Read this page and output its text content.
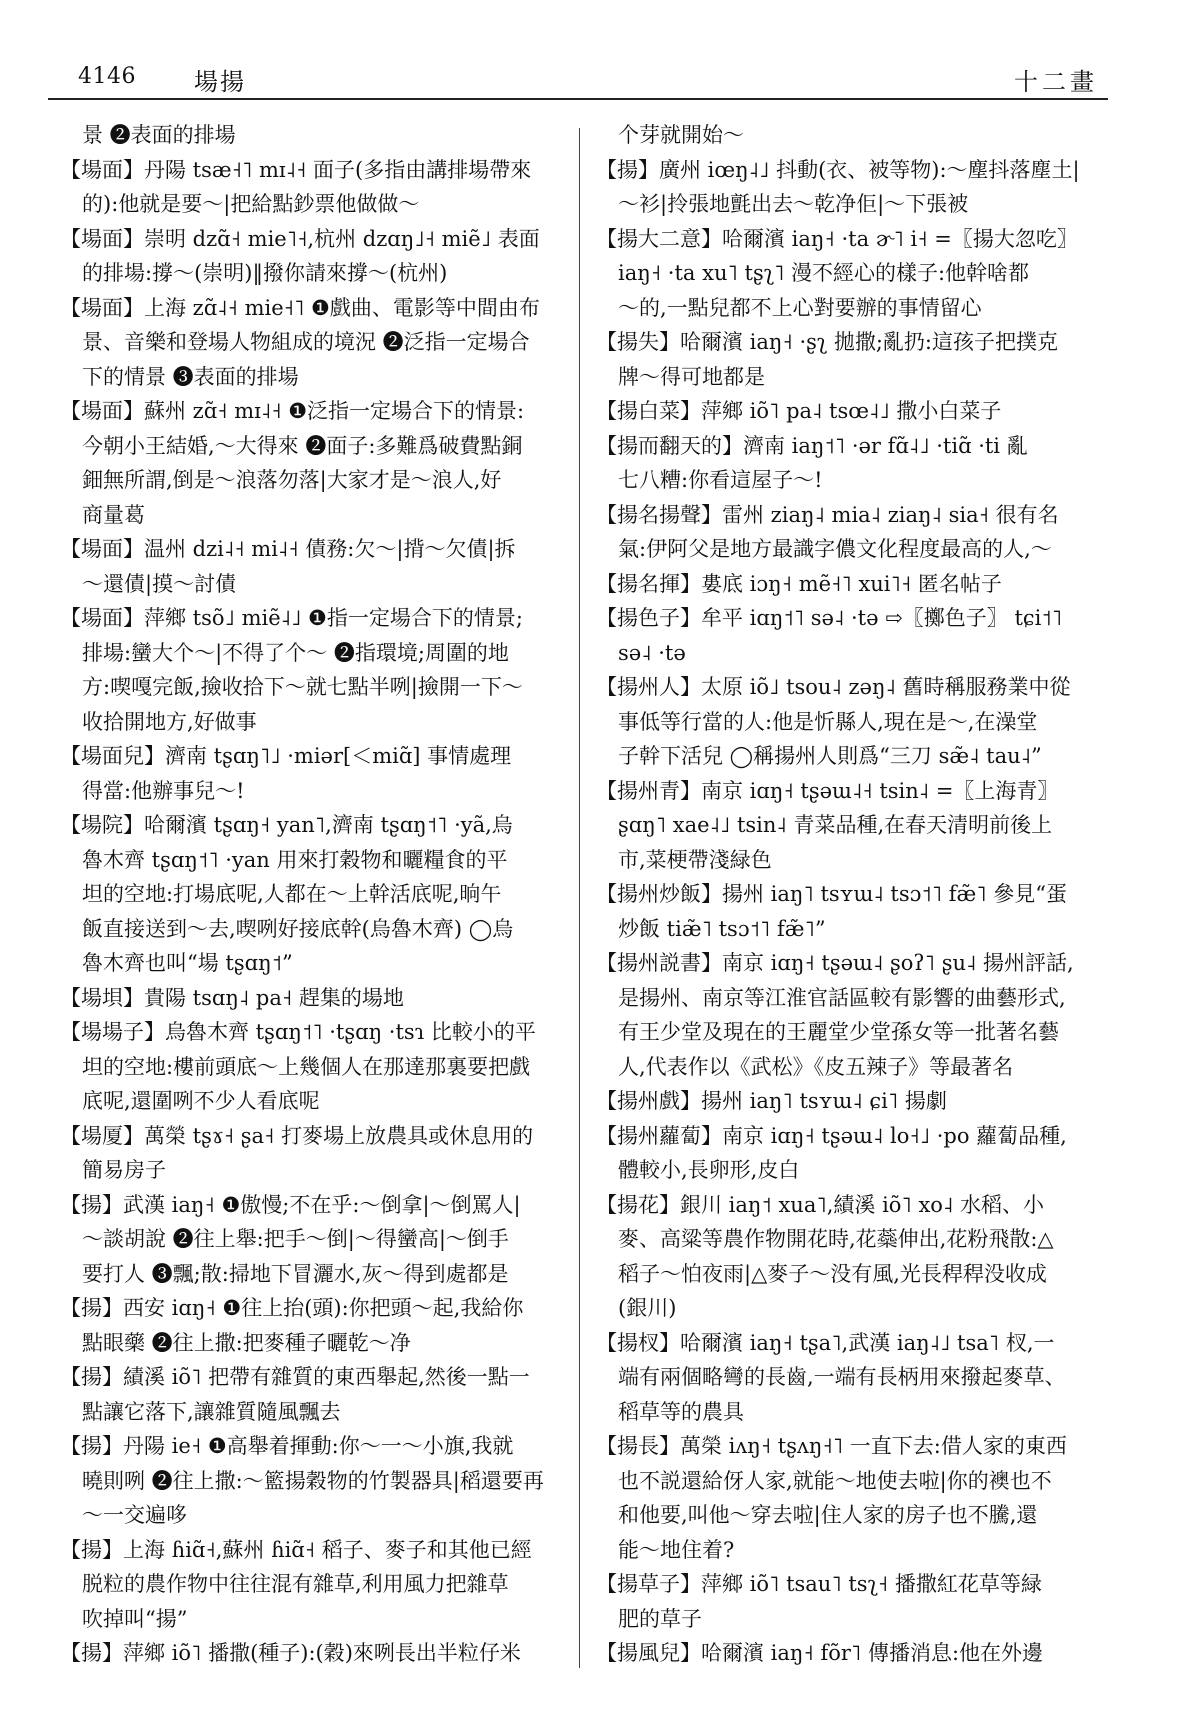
4146 場揚	十二畫
景 ❷表面的排場
【場面】丹陽 tsæ˧˥ mɪ˨˧ 面子(多指由講排場帶來
的):他就是要～|把給點鈔票他做做～
【場面】崇明 dzɑ̃˧ mie˥˧,杭州 dzɑŋ˩˧ miẽ˩ 表面
的排場:撐～(崇明)‖撥你請來撐～(杭州)
【場面】上海 zɑ̃˨˧ mie˧˥ ❶戲曲、電影等中間由布
景、音樂和登場人物組成的境況 ❷泛指一定場合
下的情景 ❸表面的排場
【場面】蘇州 zɑ̃˧ mɪ˨˧ ❶泛指一定場合下的情景:
今朝小王結婚,～大得來 ❷面子:多難爲破費點銅
鈿無所謂,倒是～浪落勿落|大家才是～浪人,好
商量葛
【場面】温州 dzi˨˧ mi˨˧ 債務:欠～|揹～欠債|拆
～還債|摸～討債
【場面】萍鄉 tsõ˩ miẽ˨˩ ❶指一定場合下的情景;
排場:蠻大个～|不得了个～ ❷指環境;周圍的地
方:喫嘎完飯,撿收拾下～就七點半咧|撿開一下～
收拾開地方,好做事
【場面兒】濟南 tʂɑŋ˥˩ ·miər[＜miɑ̃] 事情處理
得當:他辦事兒～!
【場院】哈爾濱 tʂɑŋ˧ yan˥,濟南 tʂɑŋ˦˥ ·yã,烏
魯木齊 tʂɑŋ˦˥ ·yan 用來打穀物和曬糧食的平
坦的空地:打場底呢,人都在～上幹活底呢,晌午
飯直接送到～去,喫咧好接底幹(烏魯木齊) ◯烏
魯木齊也叫“場 tʂɑŋ˦”
【場垻】貴陽 tsɑŋ˨ pa˧ 趕集的場地
【場場子】烏魯木齊 tʂɑŋ˦˥ ·tʂɑŋ ·tsɿ 比較小的平
坦的空地:樓前頭底～上幾個人在那達那裏要把戲
底呢,還圍咧不少人看底呢
【場厦】萬榮 tʂɤ˧ ʂa˧ 打麥場上放農具或休息用的
簡易房子
【揚】武漢 iaŋ˧ ❶傲慢;不在乎:～倒拿|～倒罵人|
～談胡說 ❷往上舉:把手～倒|～得蠻高|～倒手
要打人 ❸飄;散:掃地下冒灑水,灰～得到處都是
【揚】西安 iɑŋ˧ ❶往上抬(頭):你把頭～起,我給你
點眼藥 ❷往上撒:把麥種子曬乾～净
【揚】績溪 iõ˥ 把帶有雜質的東西舉起,然後一點一
點讓它落下,讓雜質隨風飄去
【揚】丹陽 ie˧ ❶高舉着揮動:你～一～小旗,我就
曉則咧 ❷往上撒:～籃揚穀物的竹製器具|稻還要再
～一交遍哆
【揚】上海 ɦiɑ̃˧,蘇州 ɦiɑ̃˧ 稻子、麥子和其他已經
脱粒的農作物中往往混有雜草,利用風力把雜草
吹掉叫“揚”
【揚】萍鄉 iõ˥ 播撒(種子):(穀)來咧長出半粒仔米
个芽就開始～
【揚】廣州 iœŋ˨˩ 抖動(衣、被等物):～塵抖落塵土|
～衫|拎張地氈出去～乾净佢|～下張被
【揚大二意】哈爾濱 iaŋ˧ ·ta ɚ˥ i˧ =〖揚大忽吃〗
iaŋ˧ ·ta xu˥ tʂʅ˥ 漫不經心的樣子:他幹啥都
～的,一點兒都不上心對要辦的事情留心
【揚失】哈爾濱 iaŋ˧ ·ʂʅ 拋撒;亂扔:這孩子把撲克
牌～得可地都是
【揚白菜】萍鄉 iõ˥ pa˨ tsœ˨˩ 撒小白菜子
【揚而翻天的】濟南 iaŋ˦˥ ·ər fɑ̃˨˩ ·tiɑ̃ ·ti 亂
七八糟:你看這屋子～!
【揚名揚聲】雷州 ziaŋ˨ mia˨ ziaŋ˨ sia˧ 很有名
氣:伊阿父是地方最識字儂文化程度最高的人,～
【揚名揮】婁底 iɔŋ˧ mẽ˧˥ xui˥˧ 匿名帖子
【揚色子】牟平 iɑŋ˦˥ sə˨ ·tə ⇨〖擲色子〗 tɕi˦˥
sə˨ ·tə
【揚州人】太原 iõ˩ tsou˨ zəŋ˨ 舊時稱服務業中從
事低等行當的人:他是忻縣人,現在是～,在澡堂
子幹下活兒 ◯稱揚州人則爲“三刀 sæ̃˨ tau˨”
【揚州青】南京 iɑŋ˧ tʂəɯ˨˧ tsin˨ =〖上海青〗
ʂɑŋ˥ xae˨˩ tsin˨ 青菜品種,在春天清明前後上
市,菜梗帶淺緑色
【揚州炒飯】揚州 iaŋ˥ tsʏɯ˨ tsɔ˦˥ fæ̃˥ 參見“蛋
炒飯 tiæ̃˥ tsɔ˦˥ fæ̃˥”
【揚州説書】南京 iɑŋ˧ tʂəɯ˨ ʂoʔ˥ ʂu˨ 揚州評話,
是揚州、南京等江淮官話區較有影響的曲藝形式,
有王少堂及現在的王麗堂少堂孫女等一批著名藝
人,代表作以《武松》《皮五辣子》等最著名
【揚州戲】揚州 iaŋ˥ tsʏɯ˨ ɕi˥ 揚劇
【揚州蘿蔔】南京 iɑŋ˧ tʂəɯ˨ lo˧˩ ·po 蘿蔔品種,
體較小,長卵形,皮白
【揚花】銀川 iaŋ˦ xua˥,績溪 iõ˥ xo˨ 水稻、小
麥、高粱等農作物開花時,花蘂伸出,花粉飛散:△
稻子～怕夜雨|△麥子～没有風,光長稈稈没收成
(銀川)
【揚杈】哈爾濱 iaŋ˧ tʂa˥,武漢 iaŋ˨˩ tsa˥ 杈,一
端有兩個略彎的長齒,一端有長柄用來撥起麥草、
稻草等的農具
【揚長】萬榮 iʌŋ˧ tʂʌŋ˧˥ 一直下去:借人家的東西
也不説還給伢人家,就能～地使去啦|你的襖也不
和他要,叫他～穿去啦|住人家的房子也不騰,還
能～地住着?
【揚草子】萍鄉 iõ˥ tsau˥ tsʅ˧ 播撒紅花草等緑
肥的草子
【揚風兒】哈爾濱 iaŋ˧ fõr˥ 傳播消息:他在外邊
